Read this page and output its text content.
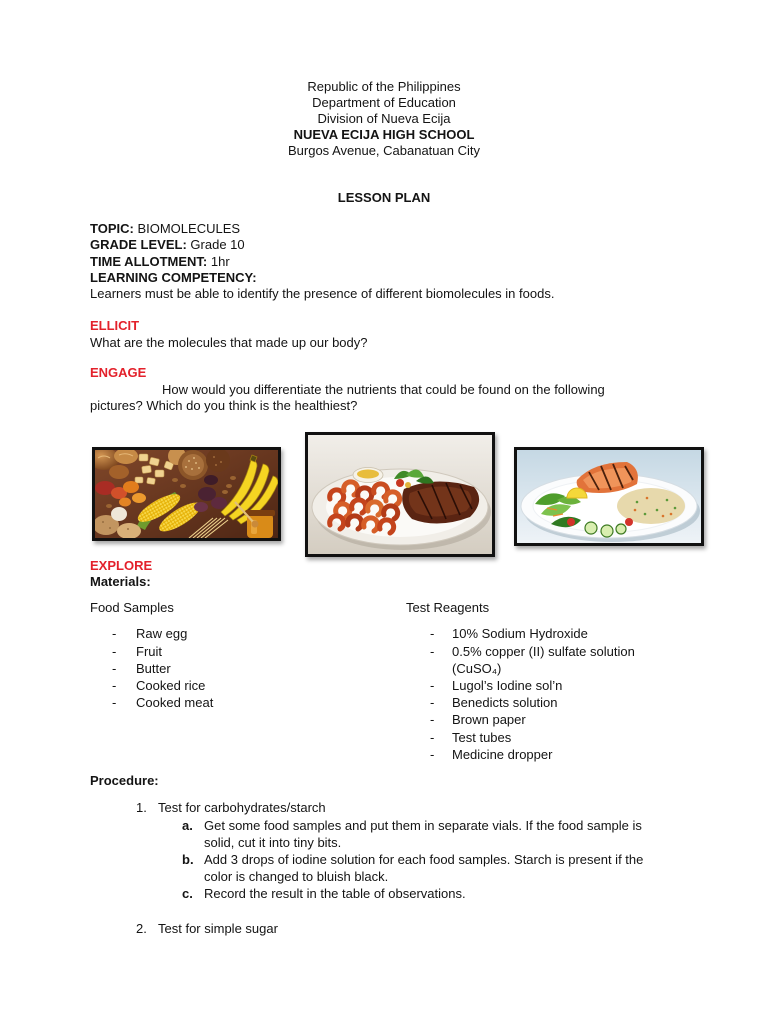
Republic of the Philippines
Department of Education
Division of Nueva Ecija
NUEVA ECIJA HIGH SCHOOL
Burgos Avenue, Cabanatuan City
LESSON PLAN
TOPIC: BIOMOLECULES
GRADE LEVEL: Grade 10
TIME ALLOTMENT: 1hr
LEARNING COMPETENCY:
Learners must be able to identify the presence of different biomolecules in foods.
ELLICIT
What are the molecules that made up our body?
ENGAGE
How would you differentiate the nutrients that could be found on the following
pictures? Which do you think is the healthiest?
EXPLORE
Materials:
Food Samples	Test Reagents
- Raw egg
- Fruit
- Butter
- Cooked rice
- Cooked meat
- 10% Sodium Hydroxide
- 0.5% copper (II) sulfate solution (CuSO₄)
- Lugol’s Iodine sol’n
- Benedicts solution
- Brown paper
- Test tubes
- Medicine dropper
Procedure:
1. Test for carbohydrates/starch
a. Get some food samples and put them in separate vials. If the food sample is
solid, cut it into tiny bits.
b. Add 3 drops of iodine solution for each food samples. Starch is present if the
color is changed to bluish black.
c. Record the result in the table of observations.
2. Test for simple sugar
